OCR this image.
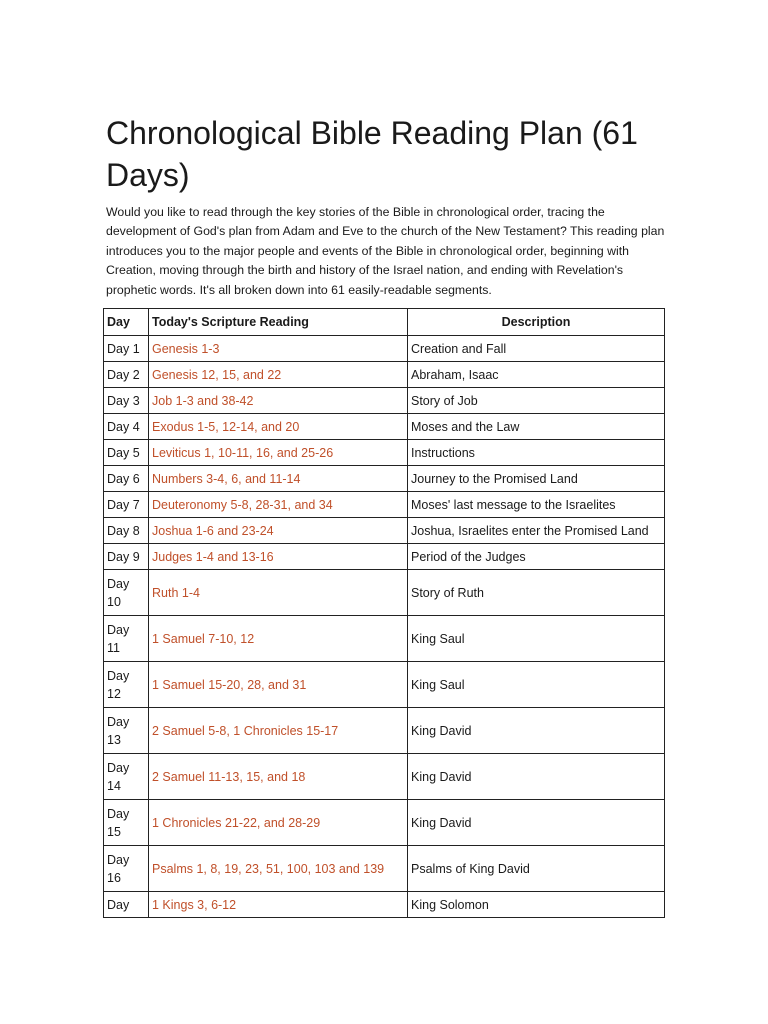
Chronological Bible Reading Plan (61 Days)

Would you like to read through the key stories of the Bible in chronological order, tracing the development of God's plan from Adam and Eve to the church of the New Testament? This reading plan introduces you to the major people and events of the Bible in chronological order, beginning with Creation, moving through the birth and history of the Israel nation, and ending with Revelation's prophetic words. It's all broken down into 61 easily-readable segments.

Day	Today's Scripture Reading	Description
Day 1	Genesis 1-3	Creation and Fall
Day 2	Genesis 12, 15, and 22	Abraham, Isaac
Day 3	Job 1-3 and 38-42	Story of Job
Day 4	Exodus 1-5, 12-14, and 20	Moses and the Law
Day 5	Leviticus 1, 10-11, 16, and 25-26	Instructions
Day 6	Numbers 3-4, 6, and 11-14	Journey to the Promised Land
Day 7	Deuteronomy 5-8, 28-31, and 34	Moses' last message to the Israelites
Day 8	Joshua 1-6 and 23-24	Joshua, Israelites enter the Promised Land
Day 9	Judges 1-4 and 13-16	Period of the Judges
Day 10	Ruth 1-4	Story of Ruth
Day 11	1 Samuel 7-10, 12	King Saul
Day 12	1 Samuel 15-20, 28, and 31	King Saul
Day 13	2 Samuel 5-8, 1 Chronicles 15-17	King David
Day 14	2 Samuel 11-13, 15, and 18	King David
Day 15	1 Chronicles 21-22, and 28-29	King David
Day 16	Psalms 1, 8, 19, 23, 51, 100, 103 and 139	Psalms of King David
Day	1 Kings 3, 6-12	King Solomon
